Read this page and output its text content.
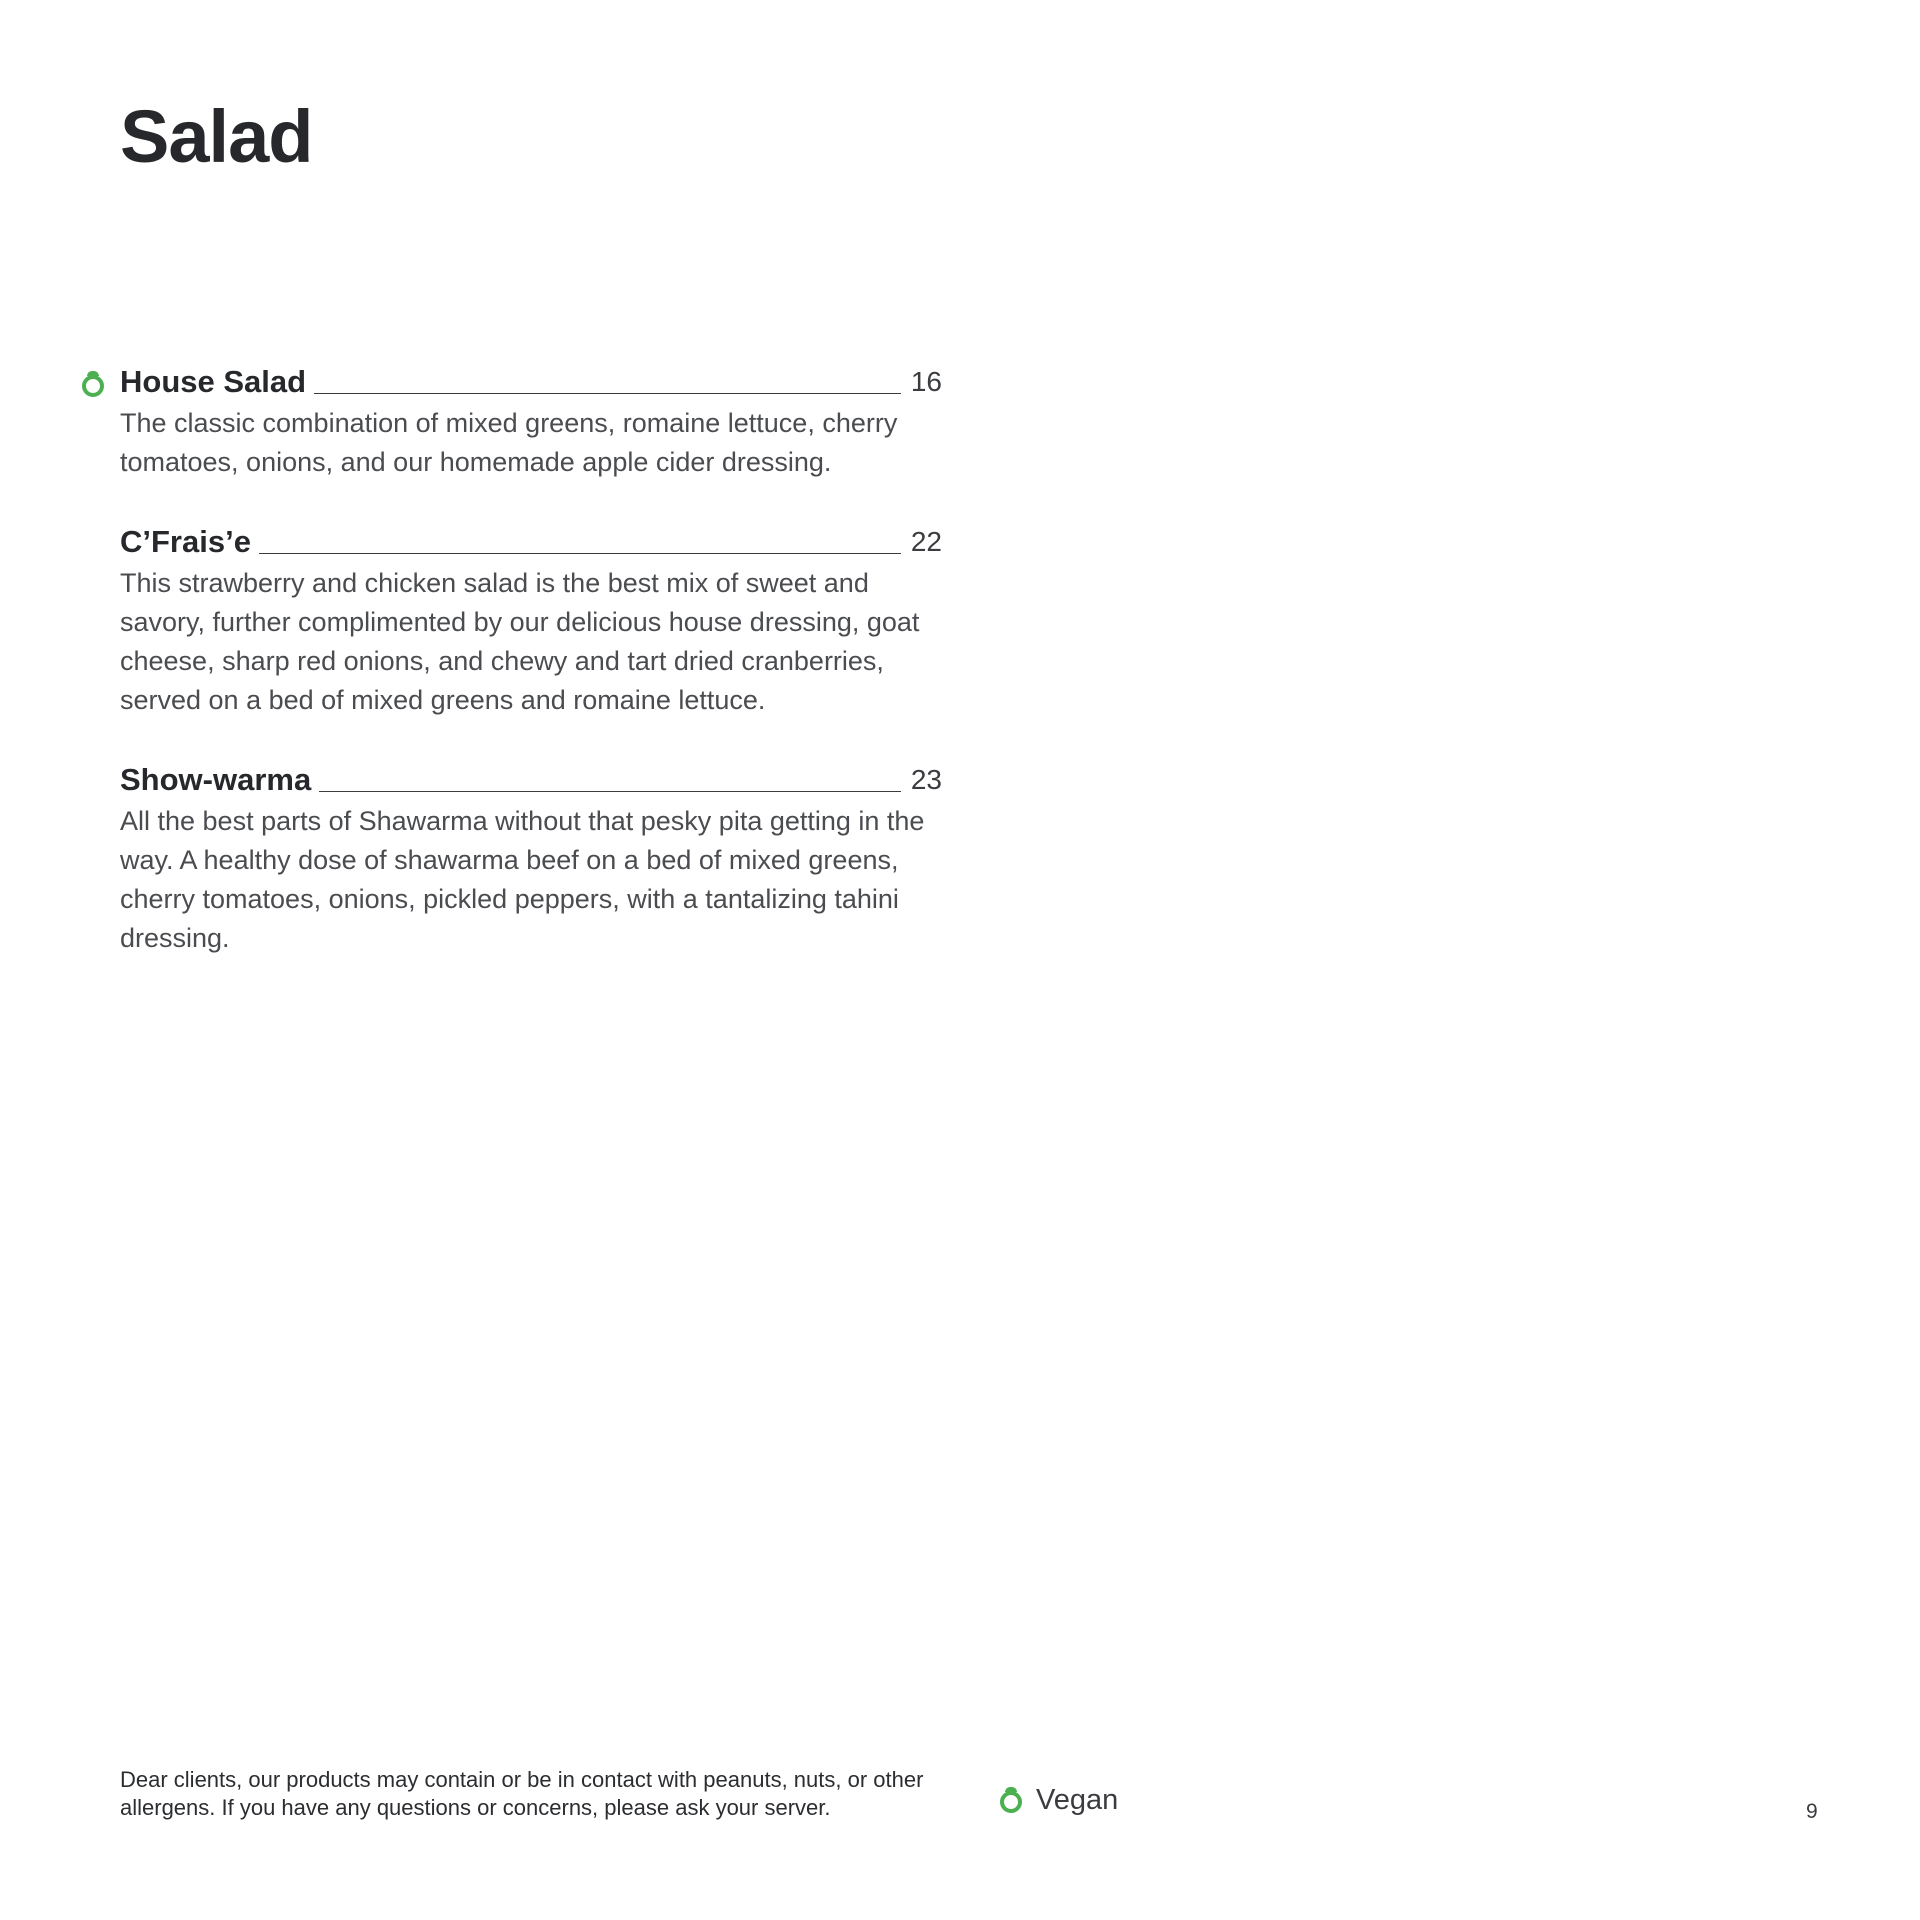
Salad
House Salad	16

The classic combination of mixed greens, romaine lettuce, cherry tomatoes, onions, and our homemade apple cider dressing.

C’Frais’e	22

This strawberry and chicken salad is the best mix of sweet and savory, further complimented by our delicious house dressing, goat cheese, sharp red onions, and chewy and tart dried cranberries, served on a bed of mixed greens and romaine lettuce.

Show-warma	23

All the best parts of Shawarma without that pesky pita getting in the way. A healthy dose of shawarma beef on a bed of mixed greens, cherry tomatoes, onions, pickled peppers, with a tantalizing tahini dressing.

Dear clients, our products may contain or be in contact with peanuts, nuts, or other allergens. If you have any questions or concerns, please ask your server.	Vegan	9
